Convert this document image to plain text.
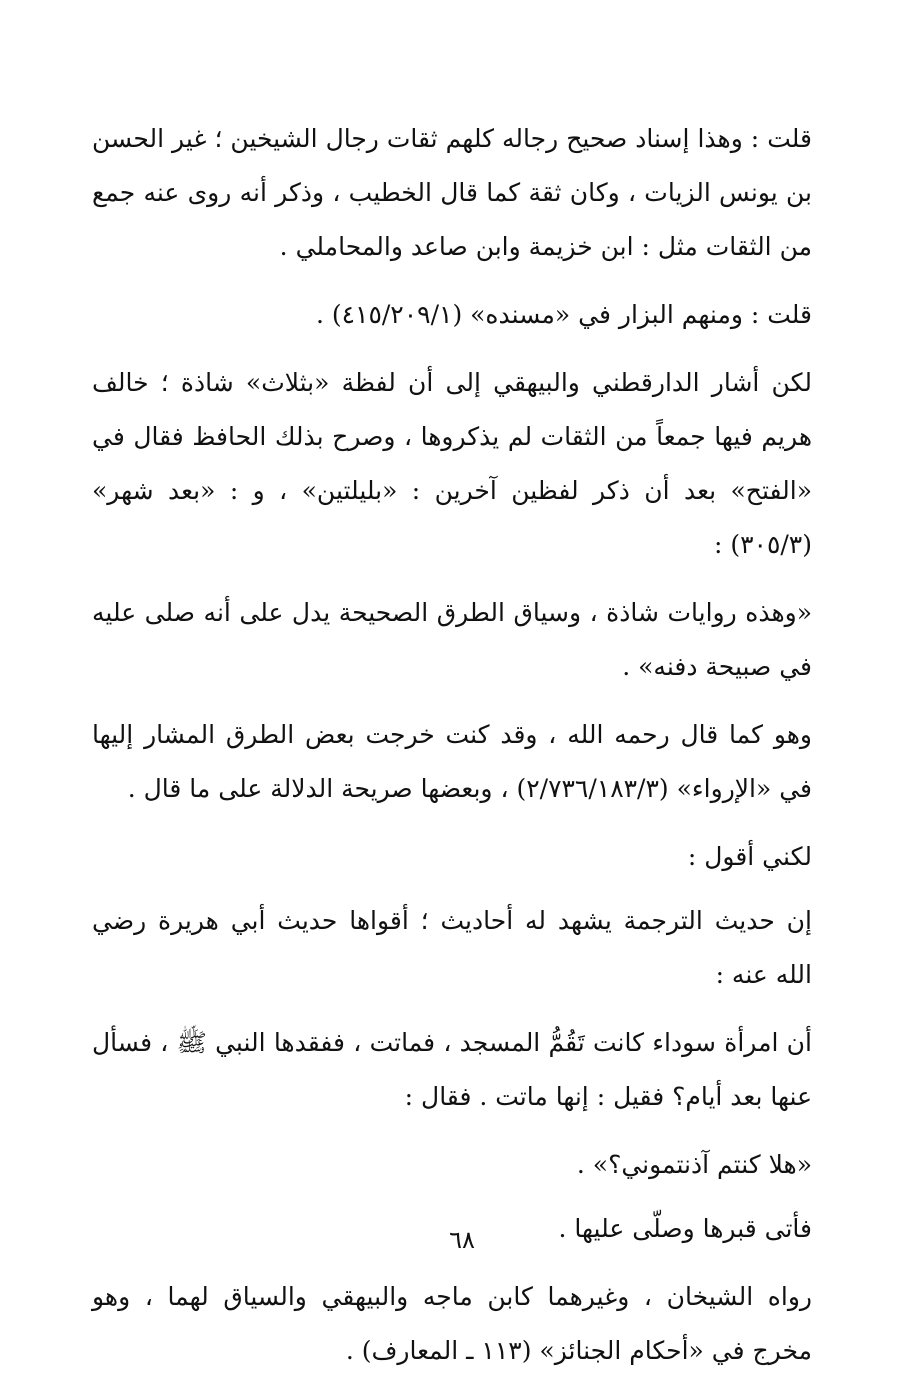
قلت : وهذا إسناد صحيح رجاله كلهم ثقات رجال الشيخين ؛ غير الحسن بن يونس الزيات ، وكان ثقة كما قال الخطيب ، وذكر أنه روى عنه جمع من الثقات مثل : ابن خزيمة وابن صاعد والمحاملي .

قلت : ومنهم البزار في «مسنده» (٤١٥/٢٠٩/١) .

لكن أشار الدارقطني والبيهقي إلى أن لفظة «بثلاث» شاذة ؛ خالف هريم فيها جمعاً من الثقات لم يذكروها ، وصرح بذلك الحافظ فقال في «الفتح» بعد أن ذكر لفظين آخرين : «بليلتين» ، و : «بعد شهر» (٣٠٥/٣) :

«وهذه روايات شاذة ، وسياق الطرق الصحيحة يدل على أنه صلى عليه في صبيحة دفنه» .

وهو كما قال رحمه الله ، وقد كنت خرجت بعض الطرق المشار إليها في «الإرواء» (٢/٧٣٦/١٨٣/٣) ، وبعضها صريحة الدلالة على ما قال .

لكني أقول :

إن حديث الترجمة يشهد له أحاديث ؛ أقواها حديث أبي هريرة رضي الله عنه :

أن امرأة سوداء كانت تَقُمُّ المسجد ، فماتت ، ففقدها النبي ﷺ ، فسأل عنها بعد أيام؟ فقيل : إنها ماتت . فقال :

«هلا كنتم آذنتموني؟» .

فأتى قبرها وصلّى عليها .

رواه الشيخان ، وغيرهما كابن ماجه والبيهقي والسياق لهما ، وهو مخرج في «أحكام الجنائز» (١١٣ ـ المعارف) .

٦٨
